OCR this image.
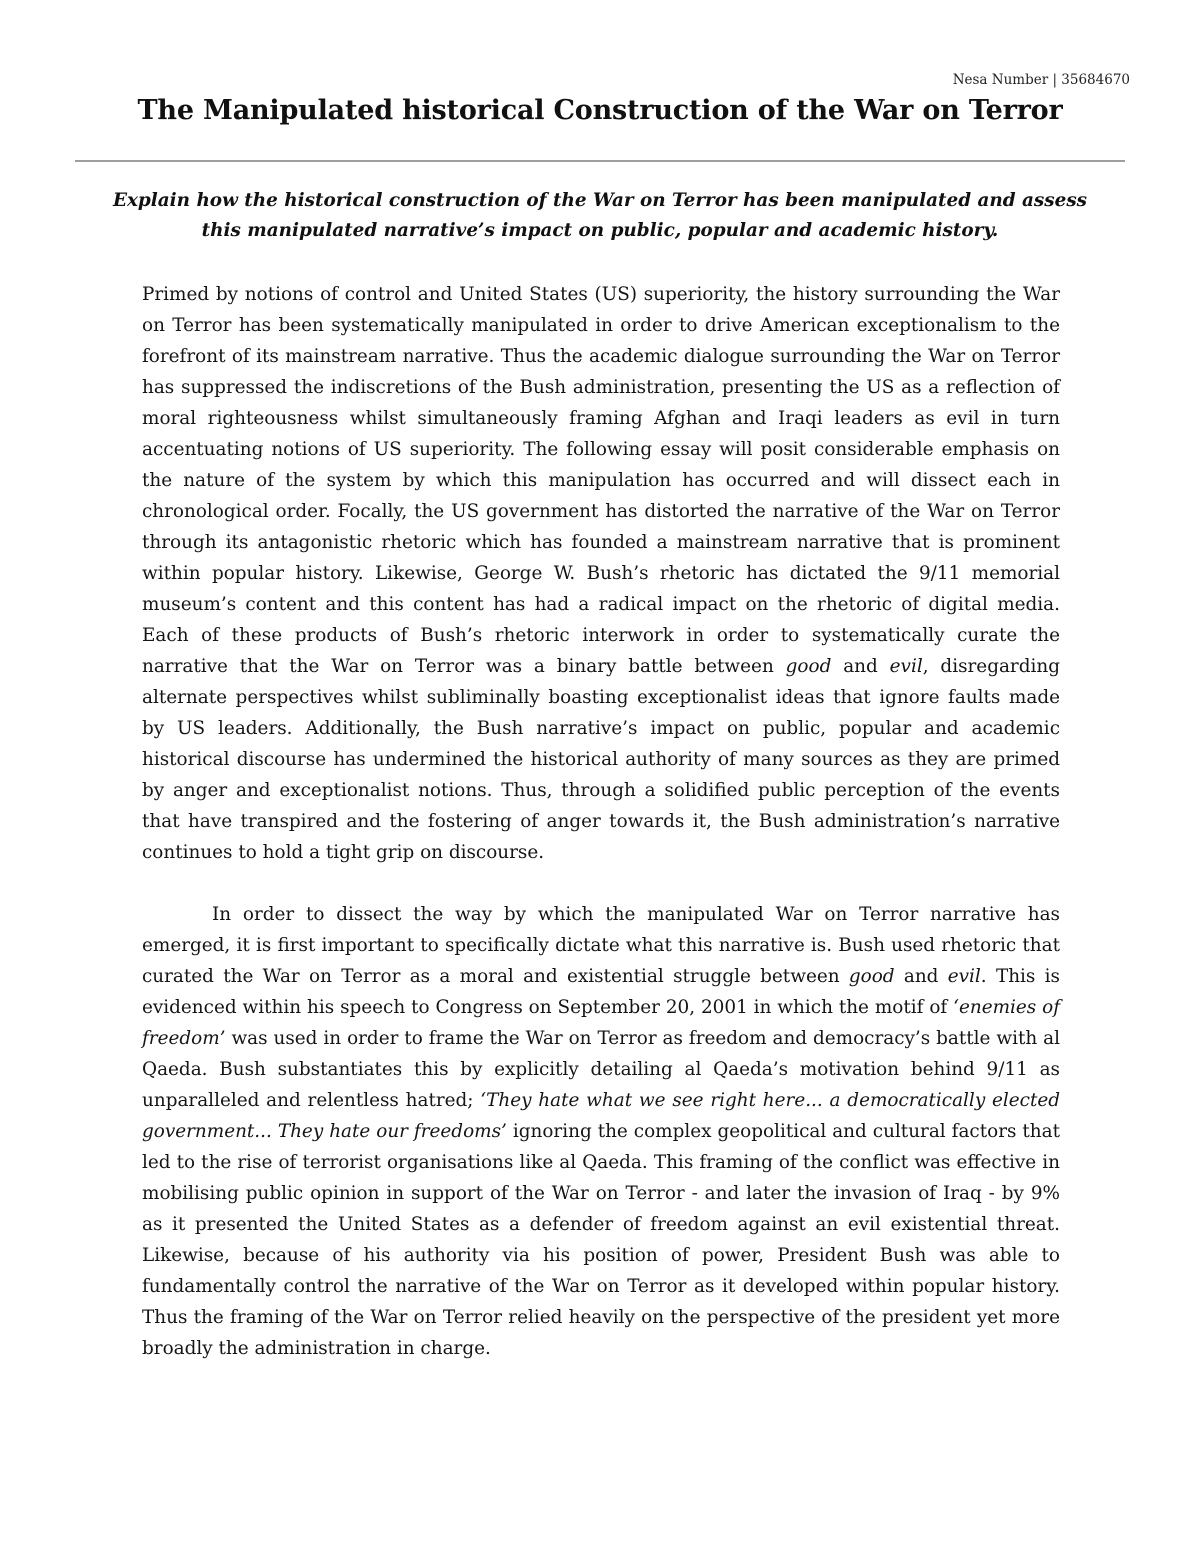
Nesa Number | 35684670
The Manipulated historical Construction of the War on Terror

Explain how the historical construction of the War on Terror has been manipulated and assess this manipulated narrative’s impact on public, popular and academic history.

Primed by notions of control and United States (US) superiority, the history surrounding the War on Terror has been systematically manipulated in order to drive American exceptionalism to the forefront of its mainstream narrative. Thus the academic dialogue surrounding the War on Terror has suppressed the indiscretions of the Bush administration, presenting the US as a reflection of moral righteousness whilst simultaneously framing Afghan and Iraqi leaders as evil in turn accentuating notions of US superiority. The following essay will posit considerable emphasis on the nature of the system by which this manipulation has occurred and will dissect each in chronological order. Focally, the US government has distorted the narrative of the War on Terror through its antagonistic rhetoric which has founded a mainstream narrative that is prominent within popular history. Likewise, George W. Bush’s rhetoric has dictated the 9/11 memorial museum’s content and this content has had a radical impact on the rhetoric of digital media. Each of these products of Bush’s rhetoric interwork in order to systematically curate the narrative that the War on Terror was a binary battle between good and evil, disregarding alternate perspectives whilst subliminally boasting exceptionalist ideas that ignore faults made by US leaders. Additionally, the Bush narrative’s impact on public, popular and academic historical discourse has undermined the historical authority of many sources as they are primed by anger and exceptionalist notions. Thus, through a solidified public perception of the events that have transpired and the fostering of anger towards it, the Bush administration’s narrative continues to hold a tight grip on discourse.

In order to dissect the way by which the manipulated War on Terror narrative has emerged, it is first important to specifically dictate what this narrative is. Bush used rhetoric that curated the War on Terror as a moral and existential struggle between good and evil. This is evidenced within his speech to Congress on September 20, 2001 in which the motif of ‘enemies of freedom’ was used in order to frame the War on Terror as freedom and democracy’s battle with al Qaeda. Bush substantiates this by explicitly detailing al Qaeda’s motivation behind 9/11 as unparalleled and relentless hatred; ‘They hate what we see right here... a democratically elected government... They hate our freedoms’ ignoring the complex geopolitical and cultural factors that led to the rise of terrorist organisations like al Qaeda. This framing of the conflict was effective in mobilising public opinion in support of the War on Terror - and later the invasion of Iraq - by 9% as it presented the United States as a defender of freedom against an evil existential threat. Likewise, because of his authority via his position of power, President Bush was able to fundamentally control the narrative of the War on Terror as it developed within popular history. Thus the framing of the War on Terror relied heavily on the perspective of the president yet more broadly the administration in charge.
